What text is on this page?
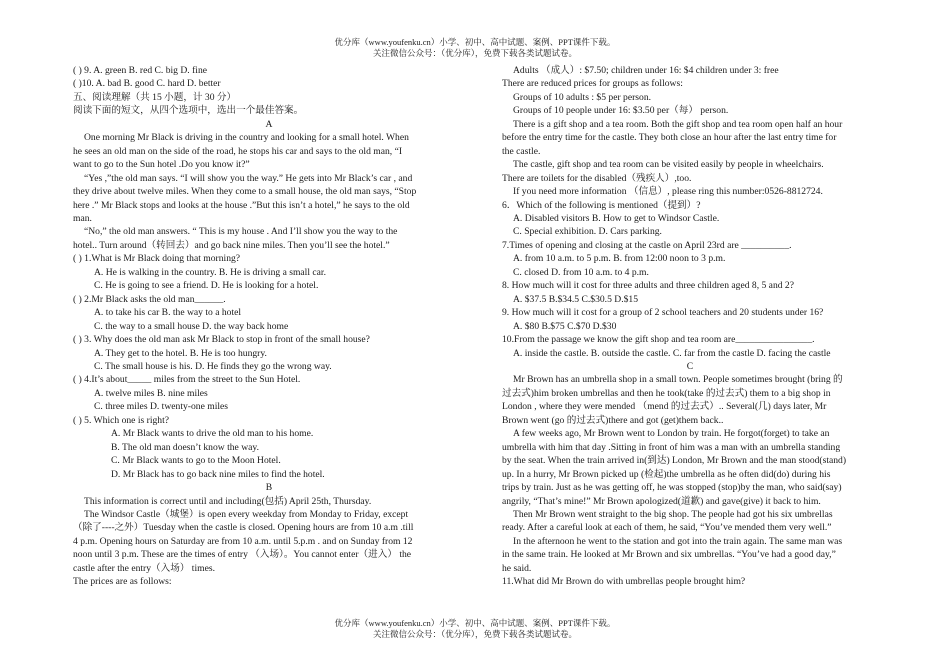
优分库（www.youfenku.cn）小学、初中、高中试题、案例、PPT课件下载。
关注微信公众号：（优分库），免费下载各类试题试卷。

( ) 9. A. green B. red C. big D. fine

( )10. A. bad B. good C. hard D. better

五、阅读理解（共 15 小题，计 30 分）

阅读下面的短文，从四个选项中，选出一个最佳答案。

A

One morning Mr Black is driving in the country and looking for a small hotel. When

he sees an old man on the side of the road, he stops his car and says to the old man, “I

want to go to the Sun hotel .Do you know it?”

“Yes ,”the old man says. “I will show you the way.” He gets into Mr Black’s car , and

they drive about twelve miles. When they come to a small house, the old man says, “Stop

here .” Mr Black stops and looks at the house .”But this isn’t a hotel,” he says to the old

man.

“No,” the old man answers. “ This is my house . And I’ll show you the way to the

hotel.. Turn around（转回去）and go back nine miles. Then you’ll see the hotel.”

( ) 1.What is Mr Black doing that morning?

A. He is walking in the country. B. He is driving a small car.

C. He is going to see a friend. D. He is looking for a hotel.

( ) 2.Mr Black asks the old man______.

A. to take his car B. the way to a hotel

C. the way to a small house D. the way back home

( ) 3. Why does the old man ask Mr Black to stop in front of the small house?

A. They get to the hotel. B. He is too hungry.

C. The small house is his. D. He finds they go the wrong way.

( ) 4.It’s about_____ miles from the street to the Sun Hotel.

A. twelve miles B. nine miles

C. three miles D. twenty-one miles

( ) 5. Which one is right?

A. Mr Black wants to drive the old man to his home.

B. The old man doesn’t know the way.

C. Mr Black wants to go to the Moon Hotel.

D. Mr Black has to go back nine miles to find the hotel.

B

This information is correct until and including(包括) April 25th, Thursday.

The Windsor Castle（城堡）is open every weekday from Monday to Friday, except

（除了----之外）Tuesday when the castle is closed. Opening hours are from 10 a.m .till

4 p.m. Opening hours on Saturday are from 10 a.m. until 5.p.m . and on Sunday from 12

noon until 3 p.m. These are the times of entry （入场）。You cannot enter（进入） the

castle after the entry（入场） times.

The prices are as follows:

Adults （成人）: $7.50; children under 16: $4 children under 3: free

There are reduced prices for groups as follows:

Groups of 10 adults : $5 per person.

Groups of 10 people under 16: $3.50 per（每） person.

There is a gift shop and a tea room. Both the gift shop and tea room open half an hour

before the entry time for the castle. They both close an hour after the last entry time for

the castle.

The castle, gift shop and tea room can be visited easily by people in wheelchairs.

There are toilets for the disabled（残疾人）,too.

If you need more information （信息）, please ring this number:0526-8812724.

6．Which of the following is mentioned（提到）?

A. Disabled visitors B. How to get to Windsor Castle.

C. Special exhibition. D. Cars parking.

7.Times of opening and closing at the castle on April 23rd are __________.

A. from 10 a.m. to 5 p.m. B. from 12:00 noon to 3 p.m.

C. closed D. from 10 a.m. to 4 p.m.

8. How much will it cost for three adults and three children aged 8, 5 and 2?

A. $37.5 B.$34.5 C.$30.5 D.$15

9. How much will it cost for a group of 2 school teachers and 20 students under 16?

A. $80 B.$75 C.$70 D.$30

10.From the passage we know the gift shop and tea room are________________.

A. inside the castle. B. outside the castle. C. far from the castle D. facing the castle

C

Mr Brown has an umbrella shop in a small town. People sometimes brought (bring 的

过去式)him broken umbrellas and then he took(take 的过去式) them to a big shop in

London , where they were mended （mend 的过去式）.. Several(几) days later, Mr

Brown went (go 的过去式)there and got (get)them back..

A few weeks ago, Mr Brown went to London by train. He forgot(forget) to take an

umbrella with him that day .Sitting in front of him was a man with an umbrella standing

by the seat. When the train arrived in(到达) London, Mr Brown and the man stood(stand)

up. In a hurry, Mr Brown picked up (检起)the umbrella as he often did(do) during his

trips by train. Just as he was getting off, he was stopped (stop)by the man, who said(say)

angrily, “That’s mine!” Mr Brown apologized(道歉) and gave(give) it back to him.

Then Mr Brown went straight to the big shop. The people had got his six umbrellas

ready. After a careful look at each of them, he said, “You’ve mended them very well.”

In the afternoon he went to the station and got into the train again. The same man was

in the same train. He looked at Mr Brown and six umbrellas. “You’ve had a good day,”

he said.

11.What did Mr Brown do with umbrellas people brought him?

优分库（www.youfenku.cn）小学、初中、高中试题、案例、PPT课件下载。
关注微信公众号：（优分库），免费下载各类试题试卷。
